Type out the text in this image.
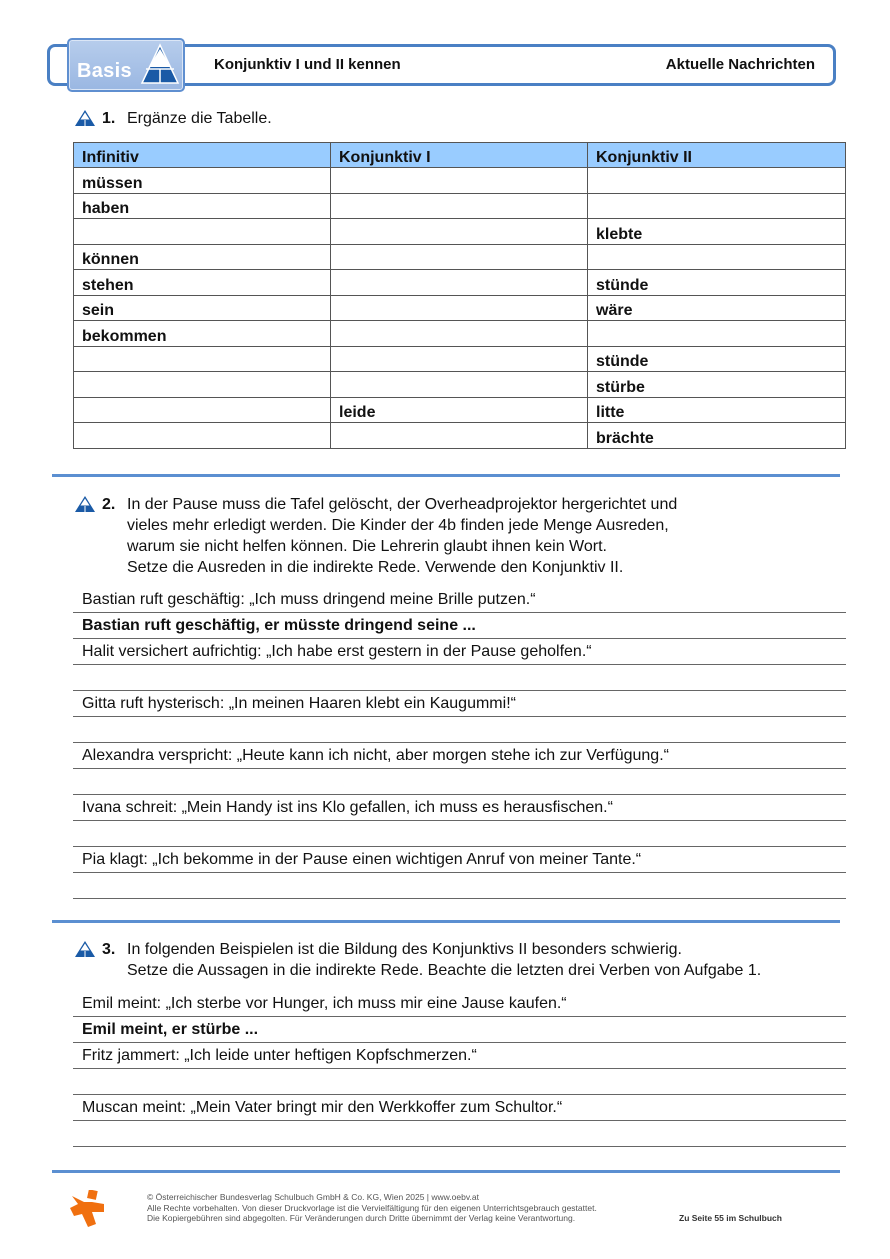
Basis	Konjunktiv I und II kennen	Aktuelle Nachrichten
1. Ergänze die Tabelle.
Infinitiv	Konjunktiv I	Konjunktiv II
müssen		
haben		
		klebte
können		
stehen		stünde
sein		wäre
bekommen		
		stünde
		stürbe
	leide	litte
		brächte
2. In der Pause muss die Tafel gelöscht, der Overheadprojektor hergerichtet und
vieles mehr erledigt werden. Die Kinder der 4b finden jede Menge Ausreden,
warum sie nicht helfen können. Die Lehrerin glaubt ihnen kein Wort.
Setze die Ausreden in die indirekte Rede. Verwende den Konjunktiv II.
Bastian ruft geschäftig: „Ich muss dringend meine Brille putzen.“
Bastian ruft geschäftig, er müsste dringend seine ...
Halit versichert aufrichtig: „Ich habe erst gestern in der Pause geholfen.“
Gitta ruft hysterisch: „In meinen Haaren klebt ein Kaugummi!“
Alexandra verspricht: „Heute kann ich nicht, aber morgen stehe ich zur Verfügung.“
Ivana schreit: „Mein Handy ist ins Klo gefallen, ich muss es herausfischen.“
Pia klagt: „Ich bekomme in der Pause einen wichtigen Anruf von meiner Tante.“
3. In folgenden Beispielen ist die Bildung des Konjunktivs II besonders schwierig.
Setze die Aussagen in die indirekte Rede. Beachte die letzten drei Verben von Aufgabe 1.
Emil meint: „Ich sterbe vor Hunger, ich muss mir eine Jause kaufen.“
Emil meint, er stürbe ...
Fritz jammert: „Ich leide unter heftigen Kopfschmerzen.“
Muscan meint: „Mein Vater bringt mir den Werkkoffer zum Schultor.“
© Österreichischer Bundesverlag Schulbuch GmbH & Co. KG, Wien 2025 | www.oebv.at
Alle Rechte vorbehalten. Von dieser Druckvorlage ist die Vervielfältigung für den eigenen Unterrichtsgebrauch gestattet.
Die Kopiergebühren sind abgegolten. Für Veränderungen durch Dritte übernimmt der Verlag keine Verantwortung.	Zu Seite 55 im Schulbuch
